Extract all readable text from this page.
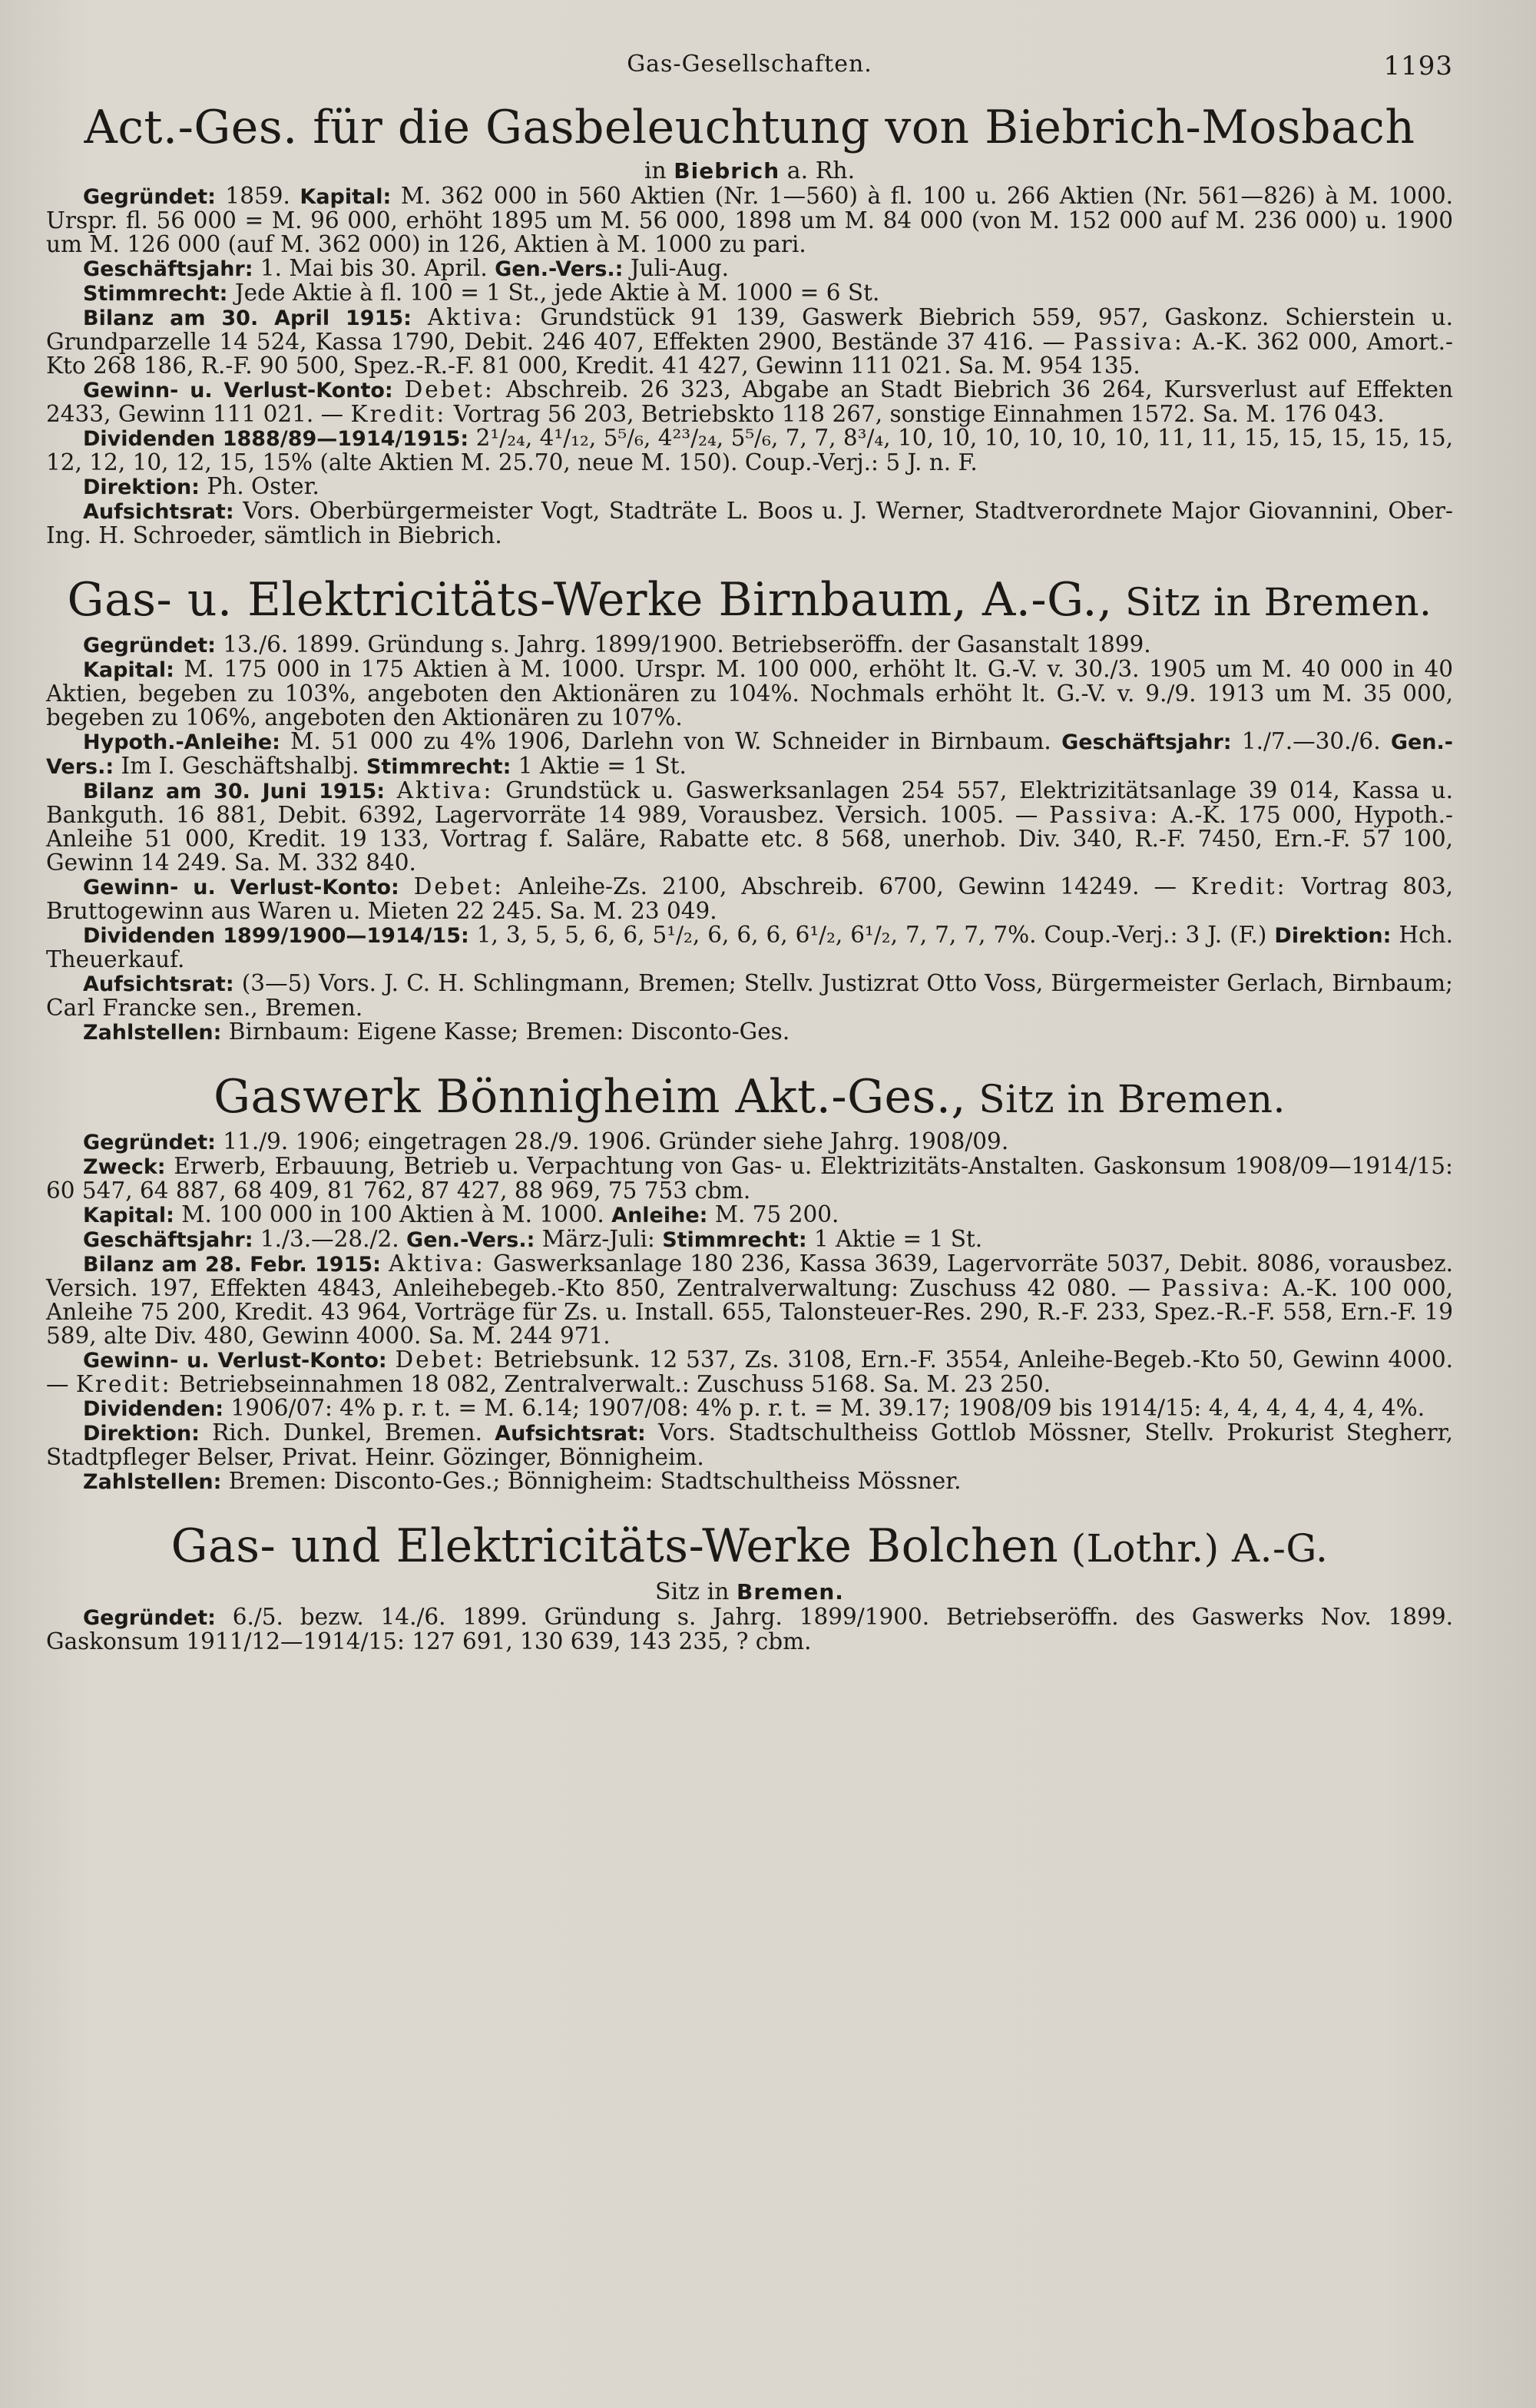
Gas-Gesellschaften.	1193
Act.-Ges. für die Gasbeleuchtung von Biebrich-Mosbach
in Biebrich a. Rh.

Gegründet: 1859. Kapital: M. 362 000 in 560 Aktien (Nr. 1—560) à fl. 100 u. 266 Aktien (Nr. 561—826) à M. 1000. Urspr. fl. 56 000 = M. 96 000, erhöht 1895 um M. 56 000, 1898 um M. 84 000 (von M. 152 000 auf M. 236 000) u. 1900 um M. 126 000 (auf M. 362 000) in 126, Aktien à M. 1000 zu pari.

Geschäftsjahr: 1. Mai bis 30. April. Gen.-Vers.: Juli-Aug.

Stimmrecht: Jede Aktie à fl. 100 = 1 St., jede Aktie à M. 1000 = 6 St.

Bilanz am 30. April 1915: Aktiva: Grundstück 91 139, Gaswerk Biebrich 559, 957, Gaskonz. Schierstein u. Grundparzelle 14 524, Kassa 1790, Debit. 246 407, Effekten 2900, Bestände 37 416. — Passiva: A.-K. 362 000, Amort.-Kto 268 186, R.-F. 90 500, Spez.-R.-F. 81 000, Kredit. 41 427, Gewinn 111 021. Sa. M. 954 135.

Gewinn- u. Verlust-Konto: Debet: Abschreib. 26 323, Abgabe an Stadt Biebrich 36 264, Kursverlust auf Effekten 2433, Gewinn 111 021. — Kredit: Vortrag 56 203, Betriebskto 118 267, sonstige Einnahmen 1572. Sa. M. 176 043.

Dividenden 1888/89—1914/1915: 2¹/₂₄, 4¹/₁₂, 5⁵/₆, 4²³/₂₄, 5⁵/₆, 7, 7, 8³/₄, 10, 10, 10, 10, 10, 10, 11, 11, 15, 15, 15, 15, 15, 12, 12, 10, 12, 15, 15% (alte Aktien M. 25.70, neue M. 150). Coup.-Verj.: 5 J. n. F.

Direktion: Ph. Oster.

Aufsichtsrat: Vors. Oberbürgermeister Vogt, Stadträte L. Boos u. J. Werner, Stadtverordnete Major Giovannini, Ober-Ing. H. Schroeder, sämtlich in Biebrich.

Gas- u. Elektricitäts-Werke Birnbaum, A.-G., Sitz in Bremen.

Gegründet: 13./6. 1899. Gründung s. Jahrg. 1899/1900. Betriebseröffn. der Gasanstalt 1899.

Kapital: M. 175 000 in 175 Aktien à M. 1000. Urspr. M. 100 000, erhöht lt. G.-V. v. 30./3. 1905 um M. 40 000 in 40 Aktien, begeben zu 103%, angeboten den Aktionären zu 104%. Nochmals erhöht lt. G.-V. v. 9./9. 1913 um M. 35 000, begeben zu 106%, angeboten den Aktionären zu 107%.

Hypoth.-Anleihe: M. 51 000 zu 4% 1906, Darlehn von W. Schneider in Birnbaum. Geschäftsjahr: 1./7.—30./6. Gen.-Vers.: Im I. Geschäftshalbj. Stimmrecht: 1 Aktie = 1 St.

Bilanz am 30. Juni 1915: Aktiva: Grundstück u. Gaswerksanlagen 254 557, Elektrizitätsanlage 39 014, Kassa u. Bankguth. 16 881, Debit. 6392, Lagervorräte 14 989, Vorausbez. Versich. 1005. — Passiva: A.-K. 175 000, Hypoth.-Anleihe 51 000, Kredit. 19 133, Vortrag f. Saläre, Rabatte etc. 8 568, unerhob. Div. 340, R.-F. 7450, Ern.-F. 57 100, Gewinn 14 249. Sa. M. 332 840.

Gewinn- u. Verlust-Konto: Debet: Anleihe-Zs. 2100, Abschreib. 6700, Gewinn 14249. — Kredit: Vortrag 803, Bruttogewinn aus Waren u. Mieten 22 245. Sa. M. 23 049.

Dividenden 1899/1900—1914/15: 1, 3, 5, 5, 6, 6, 5¹/₂, 6, 6, 6, 6¹/₂, 6¹/₂, 7, 7, 7, 7%. Coup.-Verj.: 3 J. (F.) Direktion: Hch. Theuerkauf.

Aufsichtsrat: (3—5) Vors. J. C. H. Schlingmann, Bremen; Stellv. Justizrat Otto Voss, Bürgermeister Gerlach, Birnbaum; Carl Francke sen., Bremen.

Zahlstellen: Birnbaum: Eigene Kasse; Bremen: Disconto-Ges.

Gaswerk Bönnigheim Akt.-Ges., Sitz in Bremen.

Gegründet: 11./9. 1906; eingetragen 28./9. 1906. Gründer siehe Jahrg. 1908/09.

Zweck: Erwerb, Erbauung, Betrieb u. Verpachtung von Gas- u. Elektrizitäts-Anstalten. Gaskonsum 1908/09—1914/15: 60 547, 64 887, 68 409, 81 762, 87 427, 88 969, 75 753 cbm.

Kapital: M. 100 000 in 100 Aktien à M. 1000. Anleihe: M. 75 200.

Geschäftsjahr: 1./3.—28./2. Gen.-Vers.: März-Juli: Stimmrecht: 1 Aktie = 1 St.

Bilanz am 28. Febr. 1915: Aktiva: Gaswerksanlage 180 236, Kassa 3639, Lagervorräte 5037, Debit. 8086, vorausbez. Versich. 197, Effekten 4843, Anleihebegeb.-Kto 850, Zentralverwaltung: Zuschuss 42 080. — Passiva: A.-K. 100 000, Anleihe 75 200, Kredit. 43 964, Vorträge für Zs. u. Install. 655, Talonsteuer-Res. 290, R.-F. 233, Spez.-R.-F. 558, Ern.-F. 19 589, alte Div. 480, Gewinn 4000. Sa. M. 244 971.

Gewinn- u. Verlust-Konto: Debet: Betriebsunk. 12 537, Zs. 3108, Ern.-F. 3554, Anleihe-Begeb.-Kto 50, Gewinn 4000. — Kredit: Betriebseinnahmen 18 082, Zentralverwalt.: Zuschuss 5168. Sa. M. 23 250.

Dividenden: 1906/07: 4% p. r. t. = M. 6.14; 1907/08: 4% p. r. t. = M. 39.17; 1908/09 bis 1914/15: 4, 4, 4, 4, 4, 4, 4%.

Direktion: Rich. Dunkel, Bremen. Aufsichtsrat: Vors. Stadtschultheiss Gottlob Mössner, Stellv. Prokurist Stegherr, Stadtpfleger Belser, Privat. Heinr. Gözinger, Bönnigheim.

Zahlstellen: Bremen: Disconto-Ges.; Bönnigheim: Stadtschultheiss Mössner.

Gas- und Elektricitäts-Werke Bolchen (Lothr.) A.-G.
Sitz in Bremen.

Gegründet: 6./5. bezw. 14./6. 1899. Gründung s. Jahrg. 1899/1900. Betriebseröffn. des Gaswerks Nov. 1899. Gaskonsum 1911/12—1914/15: 127 691, 130 639, 143 235, ? cbm.
